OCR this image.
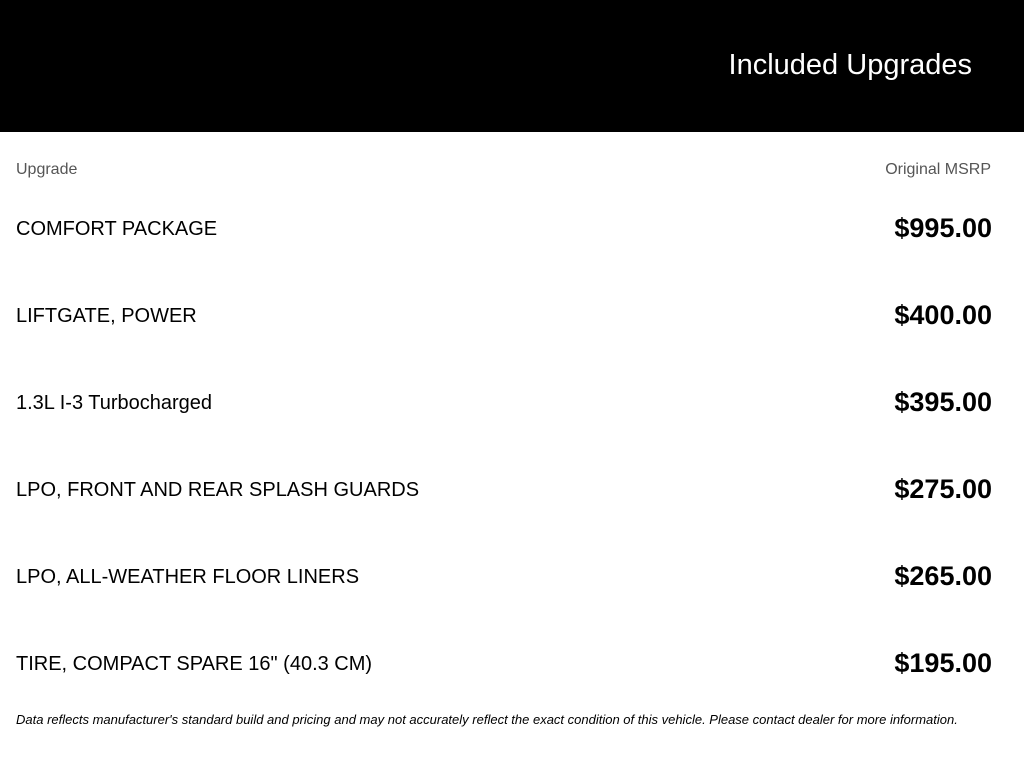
Included Upgrades
Upgrade	Original MSRP
COMFORT PACKAGE	$995.00
LIFTGATE, POWER	$400.00
1.3L I-3 Turbocharged	$395.00
LPO, FRONT AND REAR SPLASH GUARDS	$275.00
LPO, ALL-WEATHER FLOOR LINERS	$265.00
TIRE, COMPACT SPARE 16" (40.3 CM)	$195.00
Data reflects manufacturer's standard build and pricing and may not accurately reflect the exact condition of this vehicle. Please contact dealer for more information.
